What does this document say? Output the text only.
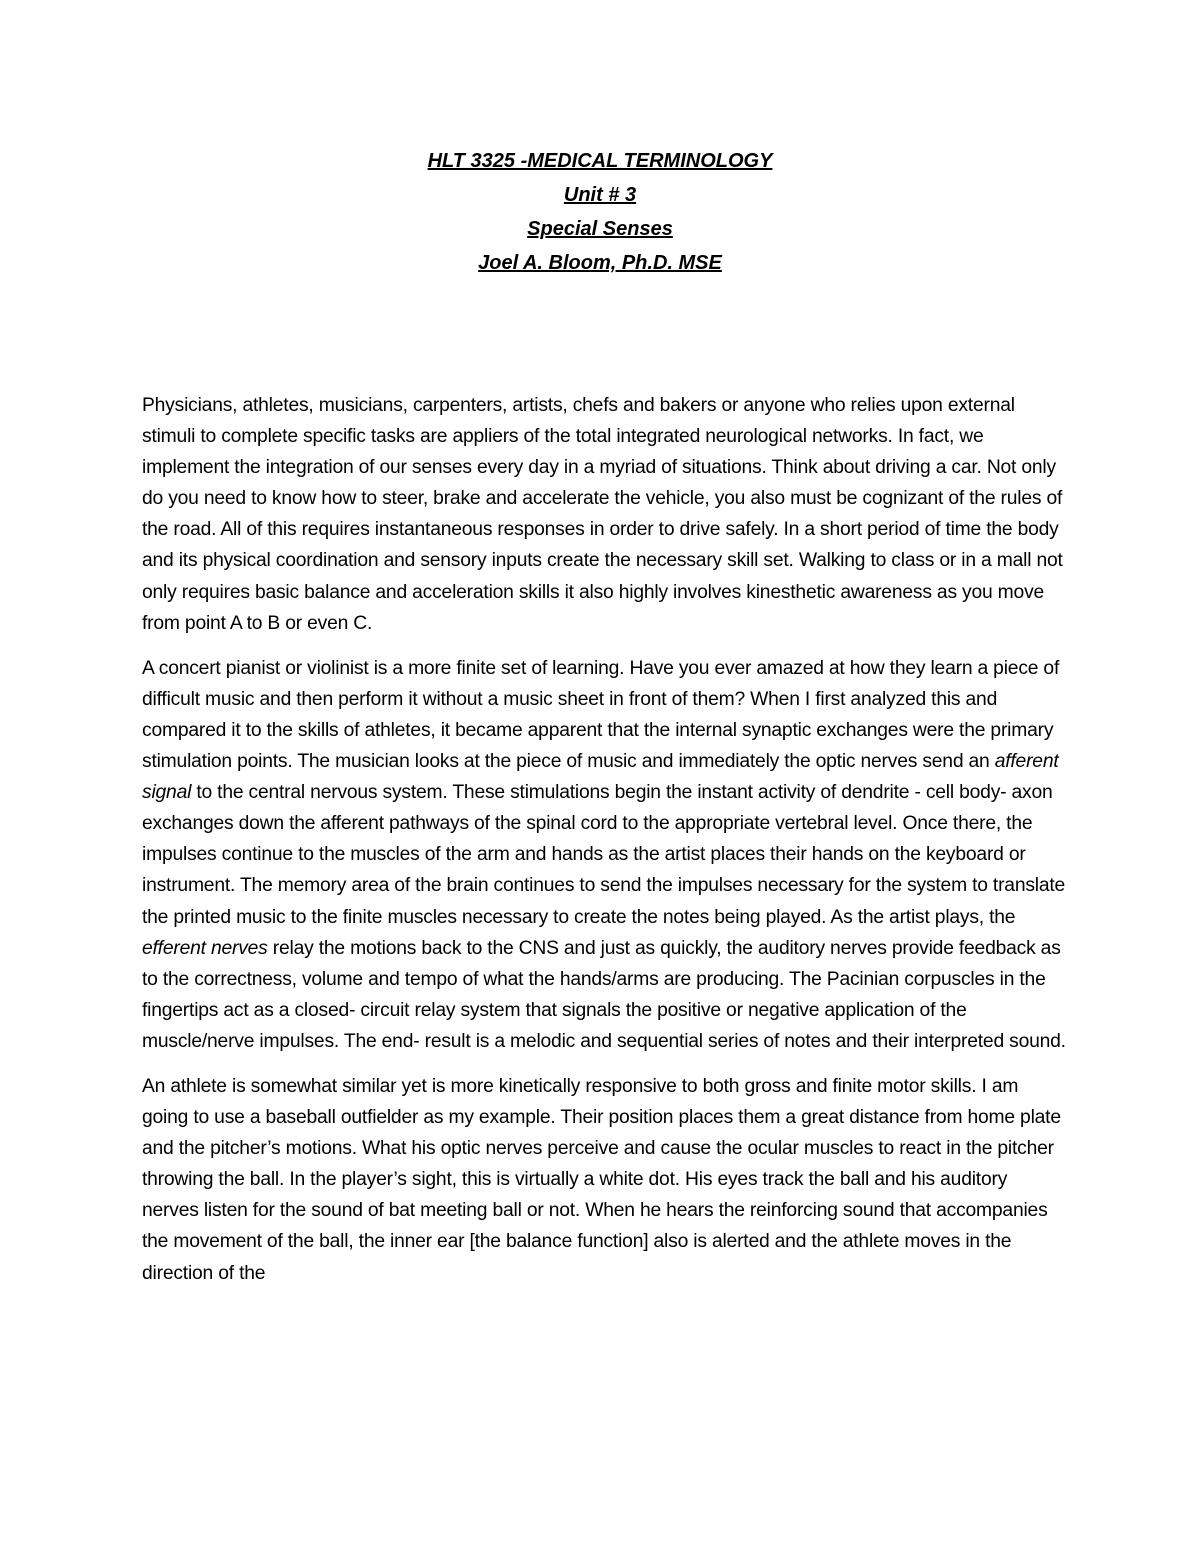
HLT 3325 -MEDICAL TERMINOLOGY

Unit # 3

Special Senses

Joel A. Bloom, Ph.D. MSE

Physicians, athletes, musicians, carpenters, artists, chefs and bakers or anyone who relies upon external stimuli to complete specific tasks are appliers of the total integrated neurological networks. In fact, we implement the integration of our senses every day in a myriad of situations. Think about driving a car. Not only do you need to know how to steer, brake and accelerate the vehicle, you also must be cognizant of the rules of the road. All of this requires instantaneous responses in order to drive safely. In a short period of time the body and its physical coordination and sensory inputs create the necessary skill set. Walking to class or in a mall not only requires basic balance and acceleration skills it also highly involves kinesthetic awareness as you move from point A to B or even C.

A concert pianist or violinist is a more finite set of learning. Have you ever amazed at how they learn a piece of difficult music and then perform it without a music sheet in front of them? When I first analyzed this and compared it to the skills of athletes, it became apparent that the internal synaptic exchanges were the primary stimulation points. The musician looks at the piece of music and immediately the optic nerves send an afferent signal to the central nervous system. These stimulations begin the instant activity of dendrite - cell body- axon exchanges down the afferent pathways of the spinal cord to the appropriate vertebral level. Once there, the impulses continue to the muscles of the arm and hands as the artist places their hands on the keyboard or instrument. The memory area of the brain continues to send the impulses necessary for the system to translate the printed music to the finite muscles necessary to create the notes being played. As the artist plays, the efferent nerves relay the motions back to the CNS and just as quickly, the auditory nerves provide feedback as to the correctness, volume and tempo of what the hands/arms are producing. The Pacinian corpuscles in the fingertips act as a closed- circuit relay system that signals the positive or negative application of the muscle/nerve impulses. The end- result is a melodic and sequential series of notes and their interpreted sound.

An athlete is somewhat similar yet is more kinetically responsive to both gross and finite motor skills. I am going to use a baseball outfielder as my example. Their position places them a great distance from home plate and the pitcher’s motions. What his optic nerves perceive and cause the ocular muscles to react in the pitcher throwing the ball. In the player’s sight, this is virtually a white dot. His eyes track the ball and his auditory nerves listen for the sound of bat meeting ball or not. When he hears the reinforcing sound that accompanies the movement of the ball, the inner ear [the balance function] also is alerted and the athlete moves in the direction of the
